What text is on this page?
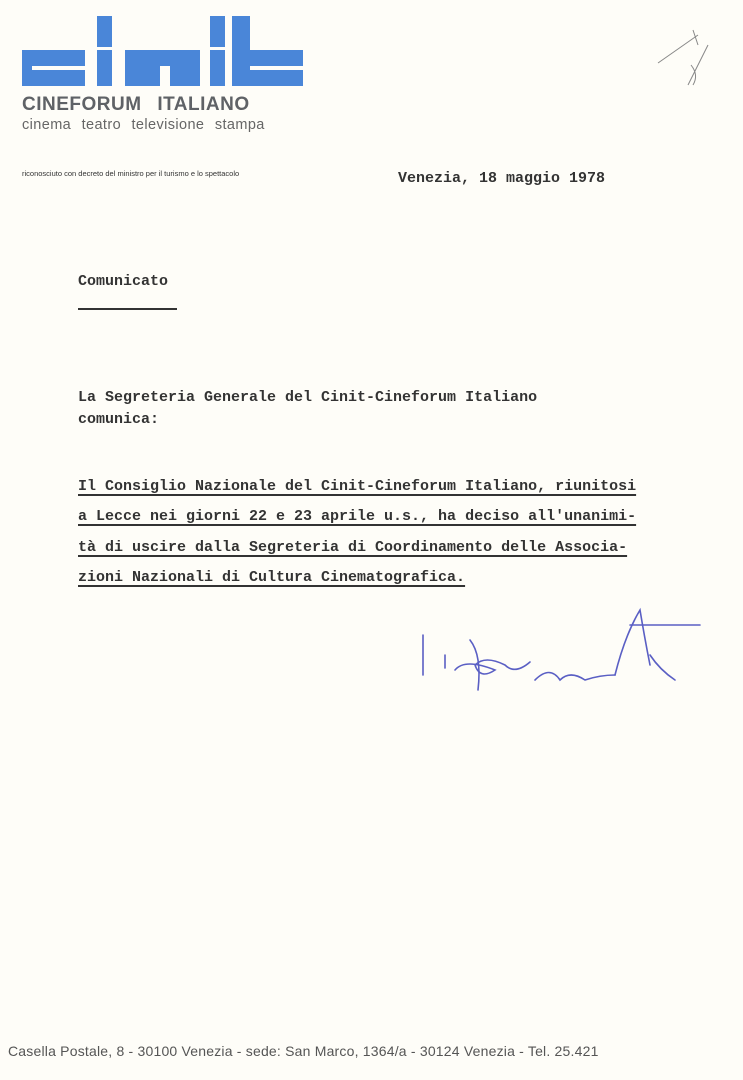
CINEFORUM ITALIANO
cinema teatro televisione stampa
riconosciuto con decreto del ministro per il turismo e lo spettacolo	Venezia, 18 maggio 1978
Comunicato
La Segreteria Generale del Cinit-Cineforum Italiano
comunica:
Il Consiglio Nazionale del Cinit-Cineforum Italiano, riunitosi
a Lecce nei giorni 22 e 23 aprile u.s., ha deciso all'unanimi-
tà di uscire dalla Segreteria di Coordinamento delle Associa-
zioni Nazionali di Cultura Cinematografica.
Casella Postale, 8 - 30100 Venezia - sede: San Marco, 1364/a - 30124 Venezia - Tel. 25.421
